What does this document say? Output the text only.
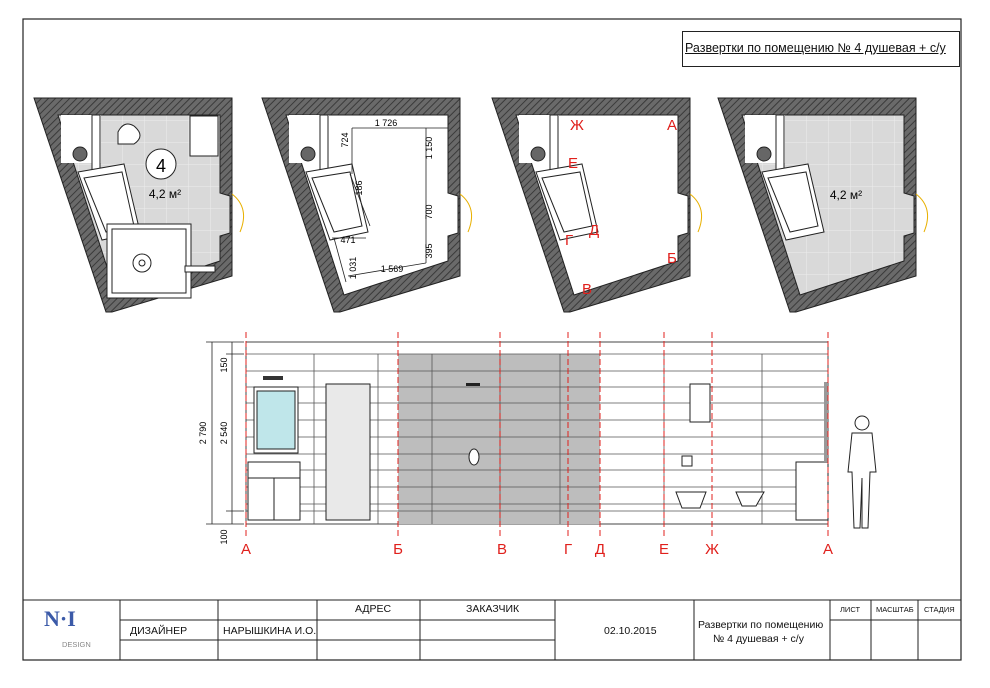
4
4,2 м²
1 726
724	1 150
186
700
471
1 031
395
1 569
Ж	А
Е
Д
Г
Б
В
4,2 м²
2 790 2 540
150
100
А	Б	В	Г Д	Е Ж	А
Развертки по помещению № 4 душевая + с/у
N·I
DESIGN
ДИЗАЙНЕР	НАРЫШКИНА И.О.
АДРЕС	ЗАКАЗЧИК
02.10.2015	Развертки по помещению
№ 4 душевая + с/у
ЛИСТ МАСШТАБ СТАДИЯ
